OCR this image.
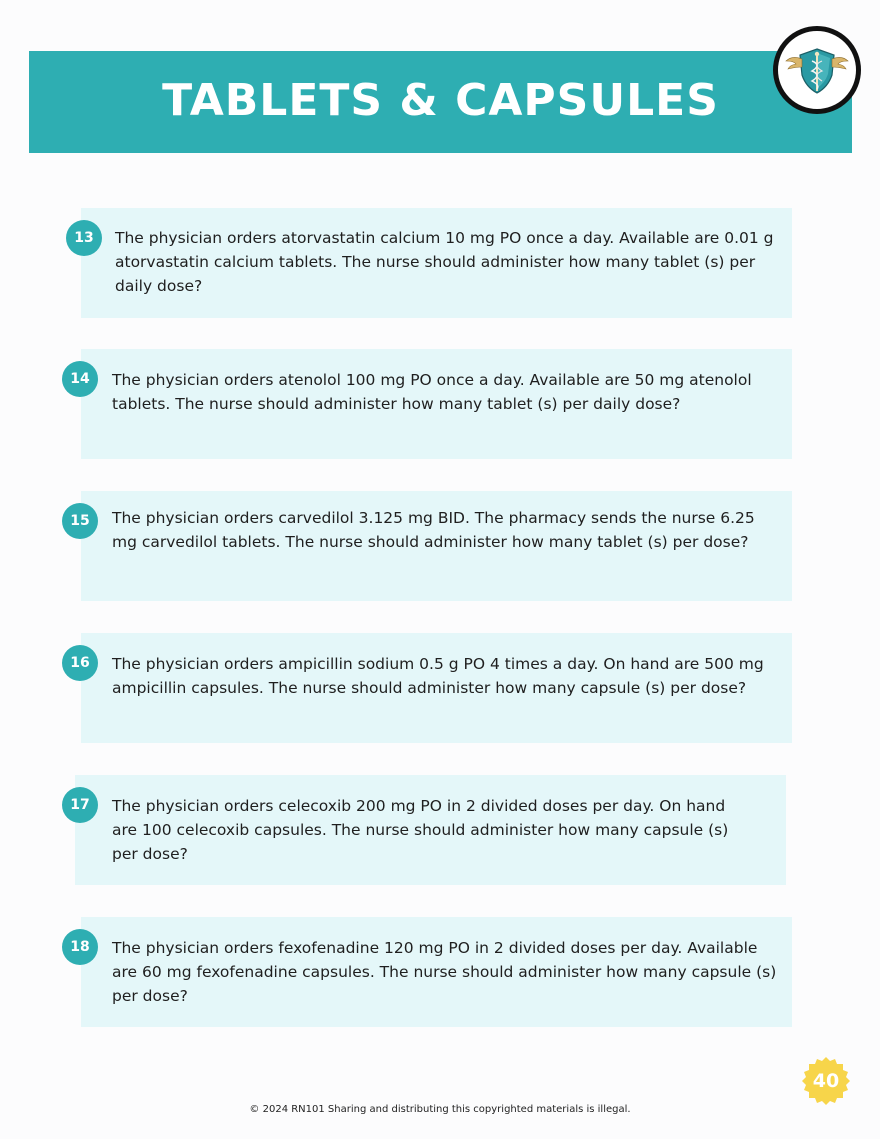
TABLETS & CAPSULES
13	The physician orders atorvastatin calcium 10 mg PO once a day. Available are 0.01 g atorvastatin calcium tablets. The nurse should administer how many tablet (s) per daily dose?
14	The physician orders atenolol 100 mg PO once a day. Available are 50 mg atenolol tablets. The nurse should administer how many tablet (s) per daily dose?
15	The physician orders carvedilol 3.125 mg BID. The pharmacy sends the nurse 6.25 mg carvedilol tablets. The nurse should administer how many tablet (s) per dose?
16	The physician orders ampicillin sodium 0.5 g PO 4 times a day. On hand are 500 mg ampicillin capsules. The nurse should administer how many capsule (s) per dose?
17	The physician orders celecoxib 200 mg PO in 2 divided doses per day. On hand are 100 celecoxib capsules. The nurse should administer how many capsule (s) per dose?
18	The physician orders fexofenadine 120 mg PO in 2 divided doses per day. Available are 60 mg fexofenadine capsules. The nurse should administer how many capsule (s) per dose?
40
© 2024 RN101 Sharing and distributing this copyrighted materials is illegal.
